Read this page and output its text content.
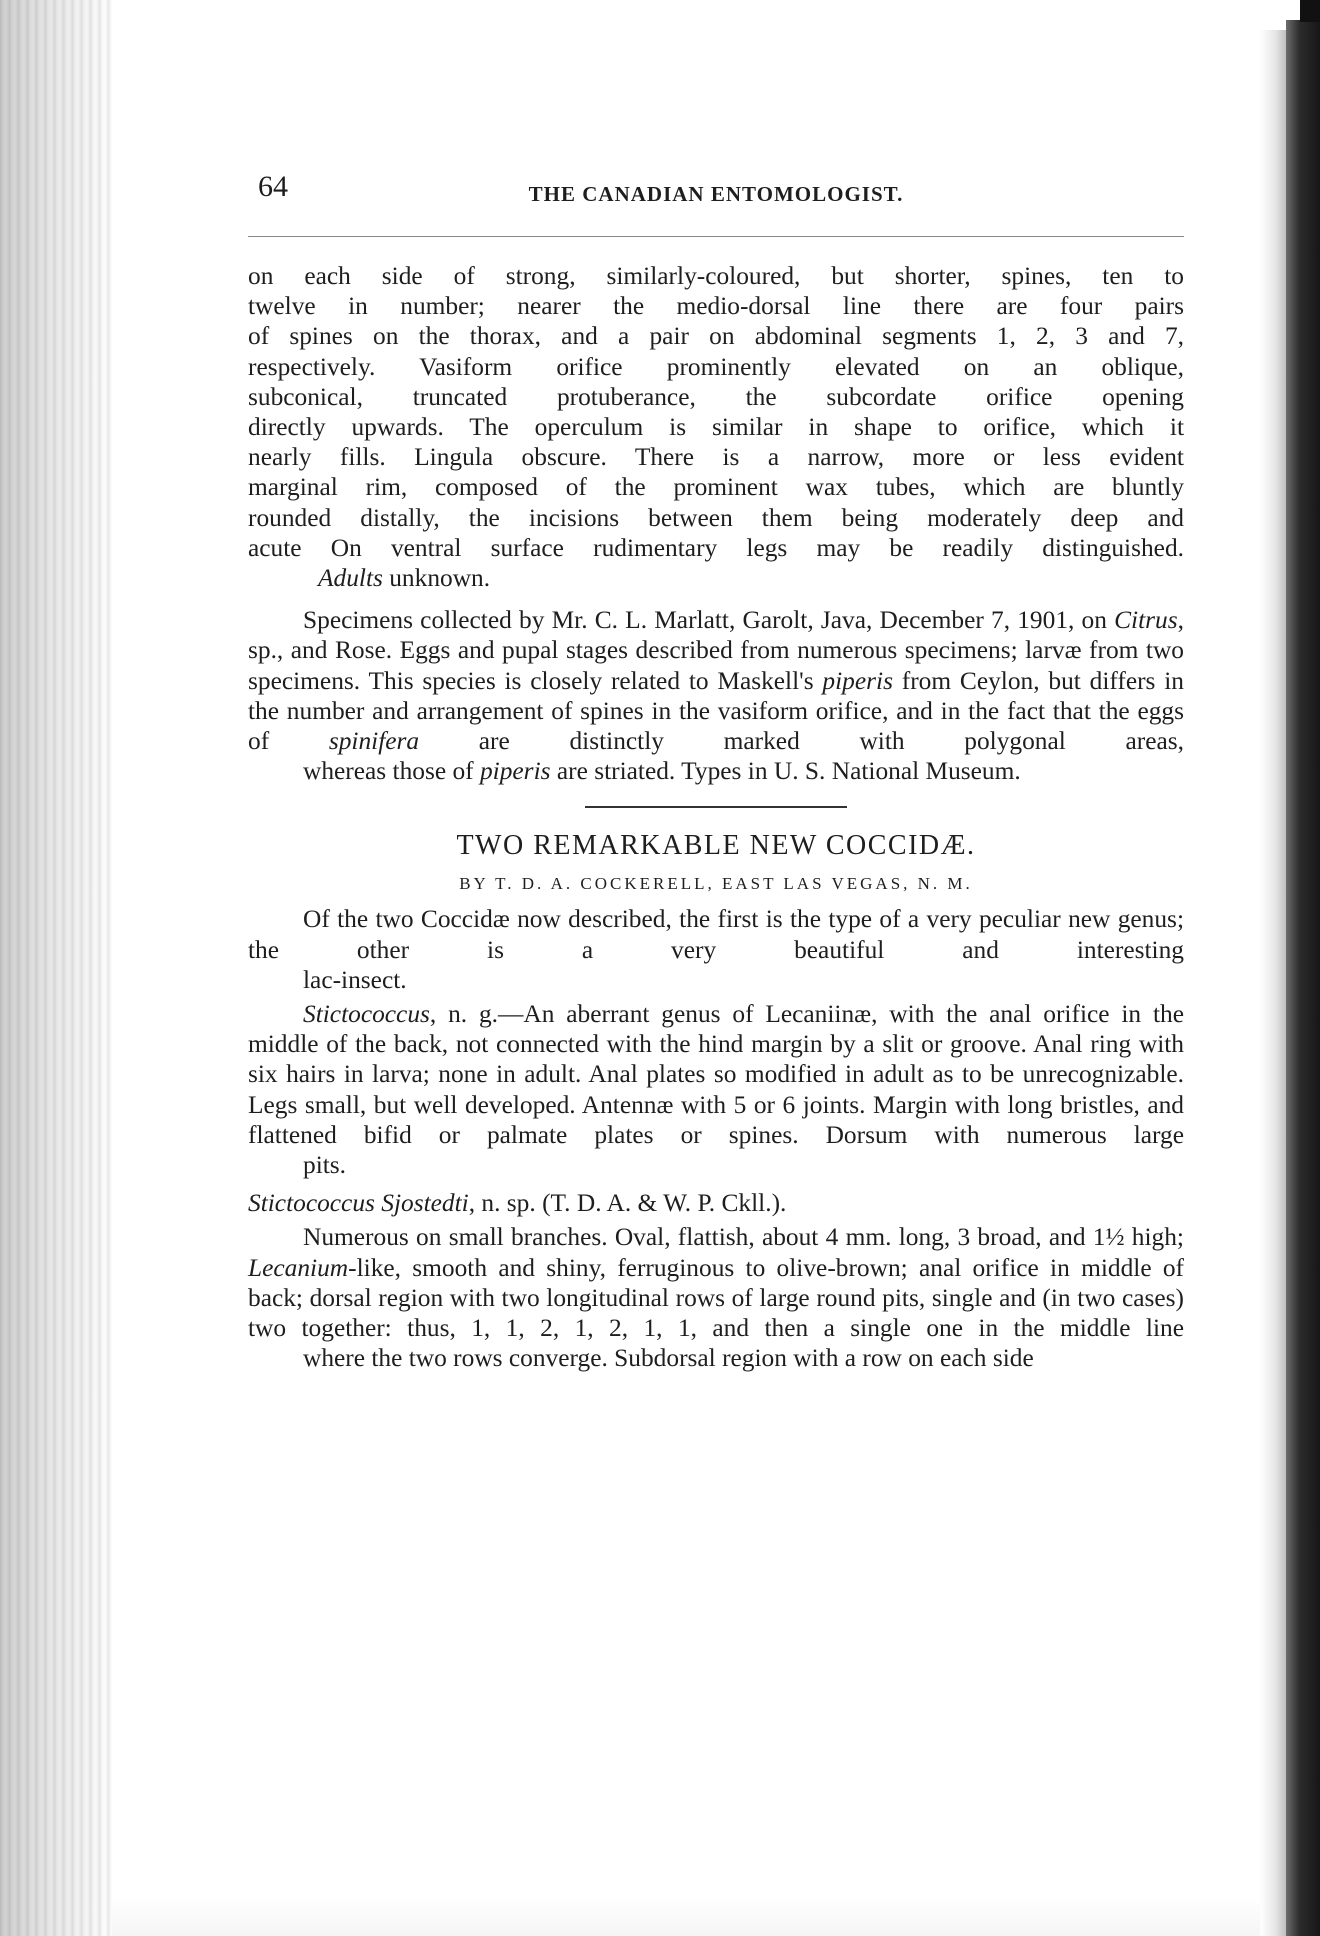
64	THE CANADIAN ENTOMOLOGIST.

on each side of strong, similarly-coloured, but shorter, spines, ten to
twelve in number; nearer the medio-dorsal line there are four pairs
of spines on the thorax, and a pair on abdominal segments 1, 2, 3 and 7,
respectively. Vasiform orifice prominently elevated on an oblique,
subconical, truncated protuberance, the subcordate orifice opening
directly upwards. The operculum is similar in shape to orifice, which it
nearly fills. Lingula obscure. There is a narrow, more or less evident
marginal rim, composed of the prominent wax tubes, which are bluntly
rounded distally, the incisions between them being moderately deep and
acute On ventral surface rudimentary legs may be readily distinguished.

Adults unknown.

Specimens collected by Mr. C. L. Marlatt, Garolt, Java, December 7, 1901, on Citrus, sp., and Rose. Eggs and pupal stages described from numerous specimens; larvæ from two specimens. This species is closely related to Maskell's piperis from Ceylon, but differs in the number and arrangement of spines in the vasiform orifice, and in the fact that the eggs of spinifera are distinctly marked with polygonal areas,
whereas those of piperis are striated. Types in U. S. National Museum.

TWO REMARKABLE NEW COCCIDÆ.
BY T. D. A. COCKERELL, EAST LAS VEGAS, N. M.

Of the two Coccidæ now described, the first is the type of a very peculiar new genus; the other is a very beautiful and interesting
lac-insect.

Stictococcus, n. g.—An aberrant genus of Lecaniinæ, with the anal orifice in the middle of the back, not connected with the hind margin by a slit or groove. Anal ring with six hairs in larva; none in adult. Anal plates so modified in adult as to be unrecognizable. Legs small, but well developed. Antennæ with 5 or 6 joints. Margin with long bristles, and flattened bifid or palmate plates or spines. Dorsum with numerous large
pits.

Stictococcus Sjostedti, n. sp. (T. D. A. & W. P. Ckll.).

Numerous on small branches. Oval, flattish, about 4 mm. long, 3 broad, and 1½ high; Lecanium-like, smooth and shiny, ferruginous to olive-brown; anal orifice in middle of back; dorsal region with two longitudinal rows of large round pits, single and (in two cases) two together: thus, 1, 1, 2, 1, 2, 1, 1, and then a single one in the middle line
where the two rows converge. Subdorsal region with a row on each side
